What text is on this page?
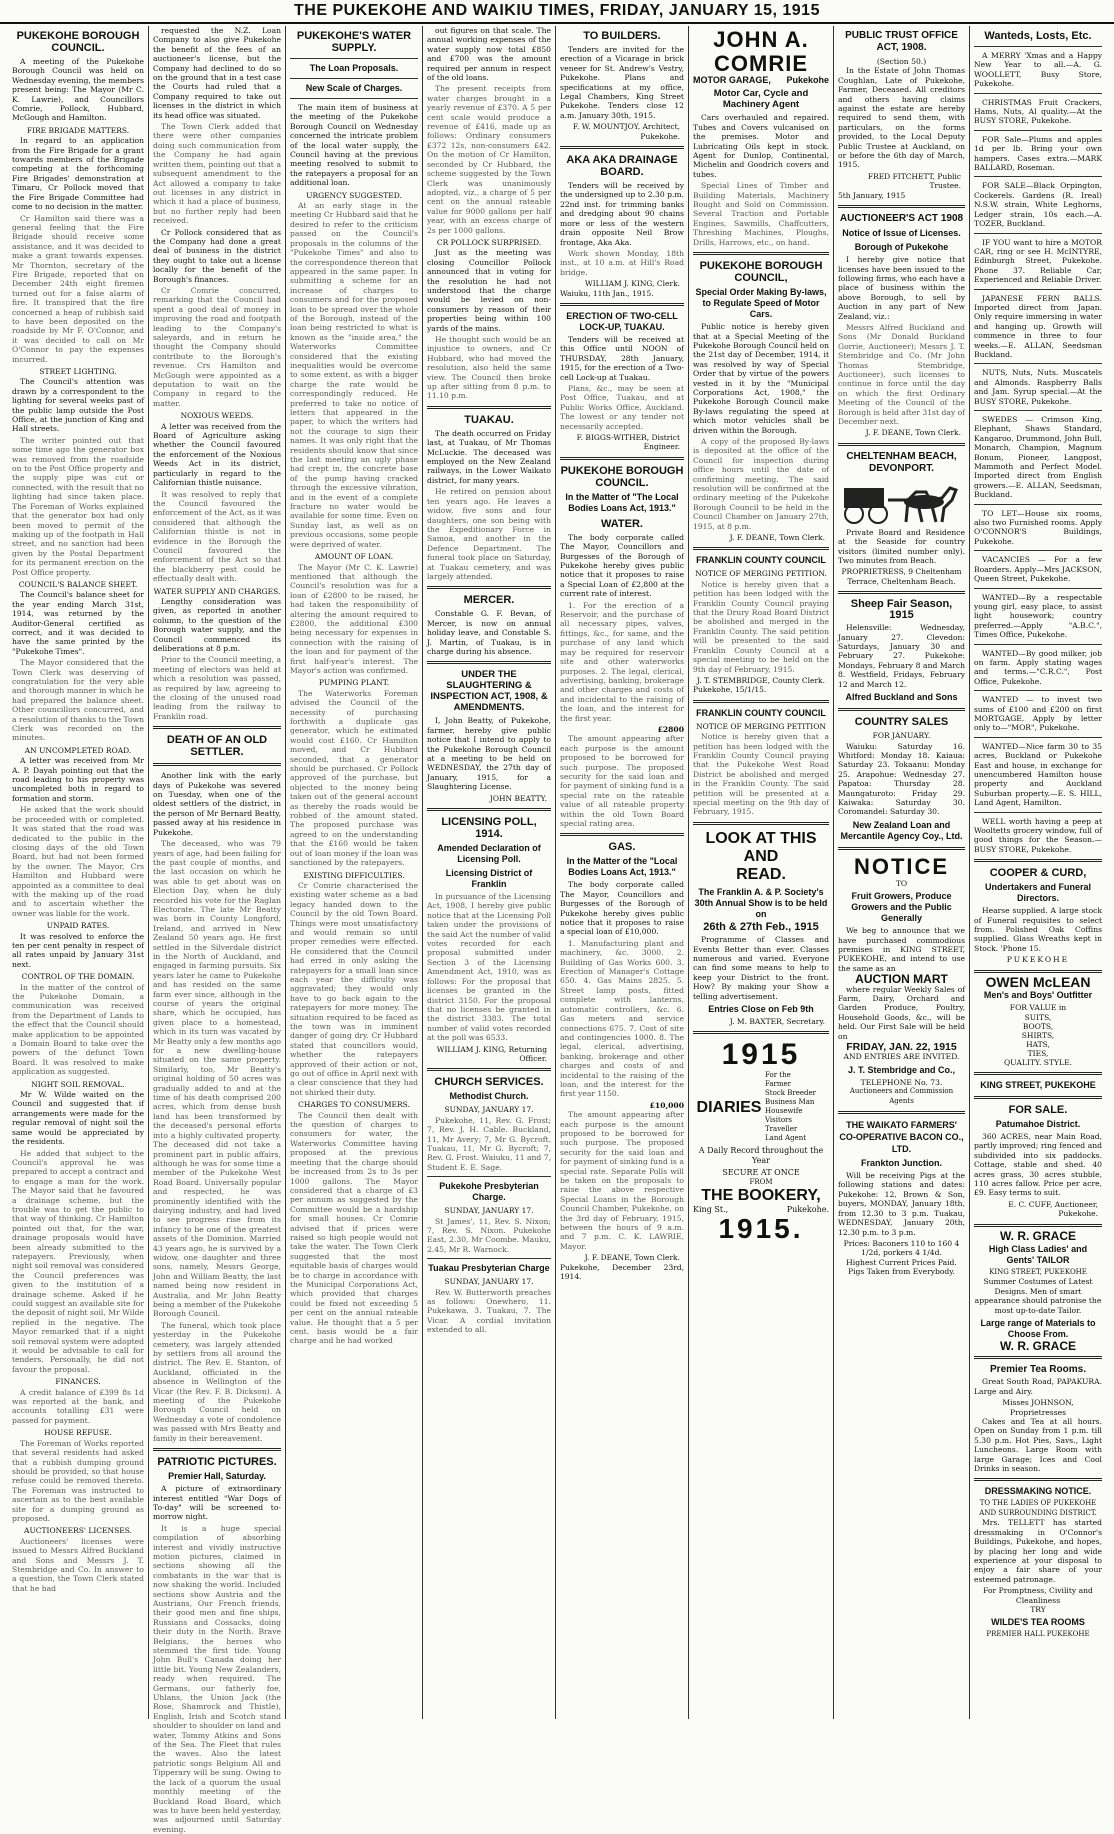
THE PUKEKOHE AND WAIKIU TIMES, FRIDAY, JANUARY 15, 1915
PUKEKOHE BOROUGH COUNCIL.

A meeting of the Pukekohe Borough Council was held on Wednesday evening, the members present being: The Mayor (Mr C. K. Lawrie), and Councillors Comrie, Pollock, Hubbard, McGough and Hamilton.

FIRE BRIGADE MATTERS.

In regard to an application from the Fire Brigade for a grant towards members of the Brigade competing at the forthcoming Fire Brigades' demonstration at Timaru, Cr Pollock moved that the Fire Brigade Committee had come to no decision in the matter.

Cr Hamilton said there was a general feeling that the Fire Brigade should receive some assistance, and it was decided to make a grant towards expenses. Mr Thornton, secretary of the Fire Brigade, reported that on December 24th eight firemen turned out for a false alarm of fire. It transpired that the fire concerned a heap of rubbish said to have been deposited on the roadside by Mr F. O'Connor, and it was decided to call on Mr O'Connor to pay the expenses incurred.

STREET LIGHTING.

The Council's attention was drawn by a correspondent to the lighting for several weeks past of the public lamp outside the Post Office, at the junction of King and Hall streets.

The writer pointed out that some time ago the generator box was removed from the roadside on to the Post Office property and the supply pipe was cut or connected, with the result that no lighting had since taken place. The Foreman of Works explained that the generator box had only been moved to permit of the making up of the footpath in Hall street, and no sanction had been given by the Postal Department for its permanent erection on the Post Office property.

COUNCIL'S BALANCE SHEET.

The Council's balance sheet for the year ending March 31st, 1914, was returned by the Auditor-General certified as correct, and it was decided to have the same printed by the "Pukekohe Times".

The Mayor considered that the Town Clerk was deserving of congratulation for the very able and thorough manner in which he had prepared the balance sheet. Other councillors concurred, and a resolution of thanks to the Town Clerk was recorded on the minutes.

AN UNCOMPLETED ROAD.

A letter was received from Mr A. P. Dayah pointing out that the road leading to his property was uncompleted both in regard to formation and storm.

He asked that the work should be proceeded with or completed. It was stated that the road was dedicated to the public in the closing days of the old Town Board, but had not been formed by the owner. The Mayor, Crs Hamilton and Hubbard were appointed as a committee to deal with the making up of the road and to ascertain whether the owner was liable for the work.

UNPAID RATES.

It was resolved to enforce the ten per cent penalty in respect of all rates unpaid by January 31st next.

CONTROL OF THE DOMAIN.

In the matter of the control of the Pukekohe Domain, a communication was received from the Department of Lands to the effect that the Council should make application to be appointed a Domain Board to take over the powers of the defunct Town Board. It was resolved to make application as suggested.

NIGHT SOIL REMOVAL.

Mr W. Wilde waited on the Council and suggested that if arrangements were made for the regular removal of night soil the same would be appreciated by the residents.

He added that subject to the Council's approval he was prepared to accept a contract and to engage a man for the work. The Mayor said that he favoured a drainage scheme, but the trouble was to get the public to that way of thinking. Cr Hamilton pointed out that, for the war, drainage proposals would have been already submitted to the ratepayers. Previously, when night soil removal was considered the Council preferences was given to the institution of a drainage scheme. Asked if he could suggest an available site for the deposit of night soil, Mr Wilde replied in the negative. The Mayor remarked that if a night soil removal system were adopted it would be advisable to call for tenders. Personally, he did not favour the proposal.

FINANCES.

A credit balance of £399 8s 1d was reported at the bank, and accounts totalling £31 were passed for payment.

HOUSE REFUSE.

The Foreman of Works reported that several residents had asked that a rubbish dumping ground should be provided, so that house refuse could be removed thereto. The Foreman was instructed to ascertain as to the best available site for a dumping ground as proposed.

AUCTIONEERS' LICENSES.

Auctioneers' licenses were issued to Messrs Alfred Buckland and Sons and Messrs J. T. Stembridge and Co. In answer to a question, the Town Clerk stated that he had

requested the N.Z. Loan Company to also give Pukekohe the benefit of the fees of an auctioneer's license, but the Company had declined to do so on the ground that in a test case the Courts had ruled that a Company required to take out licenses in the district in which its head office was situated.

The Town Clerk added that there were other companies doing such communication from the Company he had again written them, pointing out that a subsequent amendment to the Act allowed a company to take out licenses in any district in which it had a place of business, but no further reply had been received.

Cr Pollock considered that as the Company had done a great deal of business in the district they ought to take out a license locally for the benefit of the Borough's finances.

Cr Comrie concurred, remarking that the Council had spent a good deal of money in improving the road and footpath leading to the Company's saleyards, and in return he thought the Company should contribute to the Borough's revenue. Crs Hamilton and McGough were appointed as a deputation to wait on the Company in regard to the matter.

NOXIOUS WEEDS.

A letter was received from the Board of Agriculture asking whether the Council favoured the enforcement of the Noxious Weeds Act in its district, particularly in regard to the Californian thistle nuisance.

It was resolved to reply that the Council favoured the enforcement of the Act, as it was considered that although the Californian thistle is not in evidence in the Borough the Council favoured the enforcement of the Act so that the blackberry pest could be effectually dealt with.

WATER SUPPLY AND CHARGES.

Lengthy consideration was given, as reported in another column, to the question of the Borough water supply, and the Council commenced its deliberations at 8 p.m.

Prior to the Council meeting, a meeting of electors was held at which a resolution was passed, as required by law, agreeing to the closing of the unused road leading from the railway to Franklin road.

DEATH OF AN OLD SETTLER.

Another link with the early days of Pukekohe was severed on Tuesday, when one of the oldest settlers of the district, in the person of Mr Bernard Beatty, passed away at his residence in Pukekohe.

The deceased, who was 79 years of age, had been failing for the past couple of months, and the last occasion on which he was able to get about was on Election Day, when he duly recorded his vote for the Raglan Electorate. The late Mr Beatty was born in County Longford, Ireland, and arrived in New Zealand 50 years ago. He first settled in the Silverdale district in the North of Auckland, and engaged in farming pursuits. Six years later he came to Pukekohe and has resided on the same farm ever since, although in the course of years the original share, which he occupied, has given place to a homestead, which in its turn was vacated by Mr Beatty only a few months ago for a new dwelling-house situated on the same property. Similarly, too, Mr Beatty's original holding of 50 acres was gradually added to and at the time of his death comprised 200 acres, which from dense bush land has been transformed by the deceased's personal efforts into a highly cultivated property. The deceased did not take a prominent part in public affairs, although he was for some time a member of the Pukekohe West Road Board. Universally popular and respected, he was prominently identified with the dairying industry, and had lived to see progress rise from its infancy to be one of the greatest assets of the Dominion. Married 43 years ago, he is survived by a widow, one daughter and three sons, namely, Messrs George, John and William Beatty, the last named being now resident in Australia, and Mr John Beatty being a member of the Pukekohe Borough Council.

The funeral, which took place yesterday in the Pukekohe cemetery, was largely attended by settlers from all around the district. The Rev. E. Stanton, of Auckland, officiated in the absence in Wellington of the Vicar (the Rev. F. B. Dickson). A meeting of the Pukekohe Borough Council held on Wednesday a vote of condolence was passed with Mrs Beatty and family in their bereavement.

PATRIOTIC PICTURES.
Premier Hall, Saturday.

A picture of extraordinary interest entitled "War Dogs of To-day" will be screened to-morrow night.

It is a huge special compilation of absorbing interest and vividly instructive motion pictures, claimed in sections showing all the combatants in the war that is now shaking the world. Included sections show Austria and the Austrians, Our French friends, their good men and fine ships, Russians and Cossacks, doing their duty in the North. Brave Belgians, the heroes who stemmed the first tide. Young John Bull's Canada doing her little bit. Young New Zealanders, ready when required. The Germans, our fatherly foe, Uhlans, the Union Jack (the Rose, Shamrock and Thistle), English, Irish and Scotch stand shoulder to shoulder on land and water, Tommy Atkins and Sons of the Sea. The Fleet that rules the waves. Also the latest patriotic songs Belgium All and Tipperary will be sung. Owing to the lack of a quorum the usual monthly meeting of the Buckland Road Board, which was to have been held yesterday, was adjourned until Saturday evening.

PUKEKOHE'S WATER SUPPLY.
The Loan Proposals.
New Scale of Charges.

The main item of business at the meeting of the Pukekohe Borough Council on Wednesday concerned the intricate problem of the local water supply, the Council having at the previous meeting resolved to submit to the ratepayers a proposal for an additional loan.

URGENCY SUGGESTED.

At an early stage in the meeting Cr Hubbard said that he desired to refer to the criticism passed on the Council's proposals in the columns of the "Pukekohe Times" and also to the correspondence thereon that appeared in the same paper. In submitting a scheme for an increase of charges to consumers and for the proposed loan to be spread over the whole of the Borough, instead of the loan being restricted to what is known as the "inside area," the Waterworks Committee considered that the existing inequalities would be overcome to some extent, as with a bigger charge the rate would be correspondingly reduced. He preferred to take no notice of letters that appeared in the paper, to which the writers had not the courage to sign their names. It was only right that the residents should know that since the last meeting an ugly phase had crept in, the concrete base of the pump having cracked through the excessive vibration, and in the event of a complete fracture no water would be available for some time. Even on Sunday last, as well as on previous occasions, some people were deprived of water.

AMOUNT OF LOAN.

The Mayor (Mr C. K. Lawrie) mentioned that although the Council's resolution was for a loan of £2800 to be raised, he had taken the responsibility of altering the amount required to £2800, the additional £300 being necessary for expenses in connection with the raising of the loan and for payment of the first half-year's interest. The Mayor's action was confirmed.

PUMPING PLANT.

The Waterworks Foreman advised the Council of the necessity of purchasing forthwith a duplicate gas generator, which he estimated would cost £160. Cr Hamilton moved, and Cr Hubbard seconded, that a generator should be purchased. Cr Pollock approved of the purchase, but objected to the money being taken out of the general account as thereby the roads would be robbed of the amount stated. The proposed purchase was agreed to on the understanding that the £160 would be taken out of loan money if the loan was sanctioned by the ratepayers.

EXISTING DIFFICULTIES.

Cr Comrie characterised the existing water scheme as a bad legacy handed down to the Council by the old Town Board. Things were most unsatisfactory and would remain so until proper remedies were effected. He considered that the Council had erred in only asking the ratepayers for a small loan since each year the difficulty was aggravated; they would only have to go back again to the ratepayers for more money. The situation required to be faced as the town was in imminent danger of going dry. Cr Hubbard stated that councillors would, whether the ratepayers approved of their action or not, go out of office in April next with a clear conscience that they had not shirked their duty.

CHARGES TO CONSUMERS.

The Council then dealt with the question of charges to consumers for water, the Waterworks Committee having proposed at the previous meeting that the charge should be increased from 2s to 3s per 1000 gallons. The Mayor considered that a charge of £3 per annum as suggested by the Committee would be a hardship for small houses. Cr Comrie advised that if prices were raised so high people would not take the water. The Town Clerk suggested that the most equitable basis of charges would be to charge in accordance with the Municipal Corporations Act, which provided that charges could be fixed not exceeding 5 per cent on the annual rateable value. He thought that a 5 per cent. basis would be a fair charge and he had worked

out figures on that scale. The annual working expenses of the water supply now total £850 and £700 was the amount required per annum in respect of the old loans.

The present receipts from water charges brought in a yearly revenue of £370. A 5 per cent scale would produce a revenue of £416, made up as follows: Ordinary consumers £372 12s, non-consumers £42. On the motion of Cr Hamilton, seconded by Cr Hubbard, the scheme suggested by the Town Clerk was unanimously adopted, viz., a charge of 5 per cent on the annual rateable value for 9000 gallons per half year, with an excess charge of 2s per 1000 gallons.

CR POLLOCK SURPRISED.

Just as the meeting was closing Councillor Pollock announced that in voting for the resolution he had not understood that the charge would be levied on non-consumers by reason of their properties being within 100 yards of the mains.

He thought such would be an injustice to owners, and Cr Hubbard, who had moved the resolution, also held the same view. The Council then broke up after sitting from 8 p.m. to 11.10 p.m.

TUAKAU.

The death occurred on Friday last, at Tuakau, of Mr Thomas McLuckie. The deceased was employed on the New Zealand railways, in the Lower Waikato district, for many years.

He retired on pension about ten years ago. He leaves a widow, five sons and four daughters, one son being with the Expeditionary Force in Samoa, and another in the Defence Department. The funeral took place on Saturday, at Tuakau cemetery, and was largely attended.

MERCER.

Constable G. F. Bevan, of Mercer, is now on annual holiday leave, and Constable S. J. Martin, of Tuakau, is in charge during his absence.

UNDER THE SLAUGHTERING & INSPECTION ACT, 1908, & AMENDMENTS.

I, John Beatty, of Pukekohe, farmer, hereby give public notice that I intend to apply to the Pukekohe Borough Council at a meeting to be held on WEDNESDAY, the 27th day of January, 1915, for a Slaughtering License.

JOHN BEATTY.
LICENSING POLL, 1914.
Amended Declaration of Licensing Poll.
Licensing District of Franklin

In pursuance of the Licensing Act, 1908, I hereby give public notice that at the Licensing Poll taken under the provisions of the said Act the number of valid votes recorded for each proposal submitted under Section 3 of the Licensing Amendment Act, 1910, was as follows: For the proposal that licenses be granted in the district 3150. For the proposal that no licenses be granted in the district 3383. The total number of valid votes recorded at the poll was 6533.

WILLIAM J. KING, Returning Officer.
CHURCH SERVICES.
Methodist Church.
SUNDAY, JANUARY 17.

Pukekohe, 11, Rev. G. Frost; 7, Rev. J. H. Cable. Buckland, 11, Mr Avery; 7, Mr G. Bycroft. Tuakau, 11, Mr G. Bycroft; 7, Rev. G. Frost. Waiuku, 11 and 7, Student E. E. Sage.

Pukekohe Presbyterian Charge.
SUNDAY, JANUARY 17.

St James', 11, Rev. S. Nixon; 7, Rev. S. Nixon. Pukekohe East, 2.30, Mr Coombe. Mauku, 2.45, Mr R. Warnock.

Tuakau Presbyterian Charge
SUNDAY, JANUARY 17.

Rev. W. Butterworth preaches as follows: Onewhero, 11. Pukekawa, 3. Tuakau, 7. The Vicar. A cordial invitation extended to all.

TO BUILDERS.

Tenders are invited for the erection of a Vicarage in brick veneer for St. Andrew's Vestry, Pukekohe. Plans and specifications at my office, Legal Chambers, King Street Pukekohe. Tenders close 12 a.m. January 30th, 1915.

F. W. MOUNTJOY, Architect, Pukekohe.
AKA AKA DRAINAGE BOARD.

Tenders will be received by the undersigned up to 2.30 p.m. 22nd inst. for trimming banks and dredging about 90 chains more or less of the western drain opposite Neil Brow frontage, Aka Aka.

Work shown Monday, 18th inst., at 10 a.m. at Hill's Road bridge.

WILLIAM J. KING, Clerk.
Waiuku, 11th Jan., 1915.
ERECTION OF TWO-CELL LOCK-UP, TUAKAU.

Tenders will be received at this Office until NOON of THURSDAY, 28th January, 1915, for the erection of a Two-cell Lock-up at Tuakau.

Plans, &c., may be seen at Post Office, Tuakau, and at Public Works Office, Auckland. The lowest or any tender not necessarily accepted.

F. BIGGS-WITHER, District Engineer.
PUKEKOHE BOROUGH COUNCIL.
In the Matter of "The Local Bodies Loans Act, 1913."
WATER.

The body corporate called The Mayor, Councillors and Burgesses of the Borough of Pukekohe hereby gives public notice that it proposes to raise a Special Loan of £2,800 at the current rate of interest.

1. For the erection of a Reservoir, and the purchase of all necessary pipes, valves, fittings, &c., for same, and the purchase of any land which may be required for reservoir site and other waterworks purposes. 2. The legal, clerical, advertising, banking, brokerage and other charges and costs of and incidental to the raising of the loan, and the interest for the first year.

£2800

The amount appearing after each purpose is the amount proposed to be borrowed for such purpose. The proposed security for the said loan and for payment of sinking fund is a special rate on the rateable value of all rateable property within the old Town Board special rating area.

GAS.
In the Matter of the "Local Bodies Loans Act, 1913."

The body corporate called The Mayor, Councillors and Burgesses of the Borough of Pukekohe hereby gives public notice that it proposes to raise a special loan of £10,000.

1. Manufacturing plant and machinery, &c. 3000. 2. Building of Gas Works 600. 3. Erection of Manager's Cottage 650. 4. Gas Mains 2825. 5. Street lamp posts, fitted complete with lanterns, automatic controllers, &c. 6. Gas meters and service connections 675. 7. Cost of site and contingencies 1000. 8. The legal, clerical, advertising, banking, brokerage and other charges and costs of and incidental to the raising of the loan, and the interest for the first year 1150.

£10,000

The amount appearing after each purpose is the amount proposed to be borrowed for such purpose. The proposed security for the said loan and for payment of sinking fund is a special rate. Separate Polls will be taken on the proposals to raise the above respective Special Loans in the Borough Council Chamber, Pukekohe, on the 3rd day of February, 1915, between the hours of 9 a.m. and 7 p.m. C. K. LAWRIE, Mayor.

J. F. DEANE, Town Clerk.
Pukekohe, December 23rd, 1914.
JOHN A. COMRIE
MOTOR GARAGE, Pukekohe
Motor Car, Cycle and Machinery Agent

Cars overhauled and repaired. Tubes and Covers vulcanised on the premises. Motor and Lubricating Oils kept in stock. Agent for Dunlop, Continental, Michelin and Goodrich covers and tubes.

Special Lines of Timber and Building Materials, Machinery Bought and Sold on Commission. Several Traction and Portable Engines, Sawmills, Chaffcutters, Threshing Machines, Ploughs, Drills, Harrows, etc., on hand.

PUKEKOHE BOROUGH COUNCIL,
Special Order Making By-laws, to Regulate Speed of Motor Cars.

Public notice is hereby given that at a Special Meeting of the Pukekohe Borough Council held on the 21st day of December, 1914, it was resolved by way of Special Order that by virtue of the powers vested in it by the "Municipal Corporations Act, 1908," the Pukekohe Borough Council make By-laws regulating the speed at which motor vehicles shall be driven within the Borough.

A copy of the proposed By-laws is deposited at the office of the Council for inspection during office hours until the date of confirming meeting. The said resolution will be confirmed at the ordinary meeting of the Pukekohe Borough Council to be held in the Council Chamber on January 27th, 1915, at 8 p.m.

J. F. DEANE, Town Clerk.
FRANKLIN COUNTY COUNCIL
NOTICE OF MERGING PETITION.

Notice is hereby given that a petition has been lodged with the Franklin County Council praying that the Drury Road Board District be abolished and merged in the Franklin County. The said petition will be presented to the said Franklin County Council at a special meeting to be held on the 9th day of February, 1915.

J. T. STEMBRIDGE, County Clerk.
Pukekohe, 15/1/15.
FRANKLIN COUNTY COUNCIL
NOTICE OF MERGING PETITION

Notice is hereby given that a petition has been lodged with the Franklin County Council praying that the Pukekohe West Road District be abolished and merged in the Franklin County. The said petition will be presented at a special meeting on the 9th day of February, 1915.

LOOK AT THIS AND
READ.
The Franklin A. & P. Society's 30th Annual Show is to be held on
26th & 27th Feb., 1915

Programme of Classes and Events Better than ever. Classes numerous and varied. Everyone can find some means to help to keep your District to the front. How? By making your Show a telling advertisement.

Entries Close on Feb 9th
J. M. BAXTER, Secretary.
1915
DIARIES
For the
Farmer
Stock Breeder
Business Man
Housewife
Visitors
Traveller
Land Agent
A Daily Record throughout the Year
SECURE AT ONCE
FROM
THE BOOKERY,
King St.,	Pukekohe.
1915.
PUBLIC TRUST OFFICE ACT, 1908.
(Section 50.)

In the Estate of John Thomas Coughlan, Late of Pukekohe, Farmer, Deceased. All creditors and others having claims against the estate are hereby required to send them, with particulars, on the forms provided, to the Local Deputy Public Trustee at Auckland, on or before the 6th day of March, 1915.

FRED FITCHETT, Public Trustee.
5th January, 1915
AUCTIONEER'S ACT 1908
Notice of Issue of Licenses.
Borough of Pukekohe

I hereby give notice that licenses have been issued to the following firms, who each have a place of business within the above Borough, to sell by Auction in any part of New Zealand, viz.:

Messrs Alfred Buckland and Sons (Mr Donald Buckland Gorrie, Auctioneer); Messrs J. T. Stembridge and Co. (Mr John Thomas Stembridge, Auctioneer), such licenses to continue in force until the day on which the first Ordinary Meeting of the Council of the Borough is held after 31st day of December next.

J. F. DEANE, Town Clerk.
CHELTENHAM BEACH, DEVONPORT.

Private Board and Residence at the Seaside for country visitors (limited number only). Two minutes from Beach.

PROPRIETRESS, 9 Cheltenham Terrace, Cheltenham Beach.
Sheep Fair Season, 1915

Helensville: Wednesday, January 27. Clevedon: Saturdays, January 30 and February 27. Pukekohe: Mondays, February 8 and March 8. Westfield, Fridays, February 12 and March 12.

Alfred Buckland and Sons
COUNTRY SALES
FOR JANUARY.

Waiuku: Saturday 16. Whitford: Monday 18. Kaiaua: Saturday 23. Tokaanu: Monday 25. Arapohue: Wednesday 27. Papatoa: Thursday 28. Maungaturoto: Friday 29. Kaiwaka: Saturday 30. Coromandel: Saturday 30.

New Zealand Loan and Mercantile Agency Coy., Ltd.
NOTICE
TO
Fruit Growers, Produce Growers and the Public Generally

We beg to announce that we have purchased commodious premises in KING STREET, PUKEKOHE, and intend to use the same as an

AUCTION MART

where regular Weekly Sales of Farm, Dairy, Orchard and Garden Produce, Poultry, Household Goods, &c., will be held. Our First Sale will be held on

FRIDAY, JAN. 22, 1915
AND ENTRIES ARE INVITED.
J. T. Stembridge and Co.,
TELEPHONE No. 73.
Auctioneers and Commission Agents
THE WAIKATO FARMERS' CO-OPERATIVE BACON CO., LTD.
Frankton Junction.

Will be receiving Pigs at the following stations and dates: Pukekohe: 12, Brown & Son, buyers, MONDAY, January 18th, from 12.30 to 3 p.m. Tuakau, WEDNESDAY, January 20th, 12.30 p.m. to 3 p.m.

Prices: Baconers 110 to 160 4 1/2d, porkers 4 1/4d.
Highest Current Prices Paid.
Pigs Taken from Everybody.
Wanteds, Losts, Etc.

A MERRY 'Xmas and a Happy New Year to all.—A. G. WOOLLETT, Busy Store, Pukekohe.

CHRISTMAS Fruit Crackers, Hams, Nuts, Al quality.—At the BUSY STORE, Pukekohe.

FOR Sale—Plums and apples 1d per lb. Bring your own hampers. Cases extra.—MARK BALLARD, Roseman.

FOR SALE—Black Orpington, Cockerels. Gardens (R. Ireal) N.S.W. strain, White Leghorns, Ledger strain, 10s each.—A. TOZER, Buckland.

IF YOU want to hire a MOTOR CAR, ring or see H. McINTYRE, Edinburgh Street, Pukekohe. Phone 37. Reliable Car, Experienced and Reliable Driver.

JAPANESE FERN BALLS. Imported direct from Japan. Only require immersing in water and hanging up. Growth will commence in three to four weeks.—E. ALLAN, Seedsman Buckland.

NUTS, Nuts, Nuts. Muscatels and Almonds. Raspberry Balls and Jam. Syrup special.—At the BUSY STORE, Pukekohe.

SWEDES — Crimson King, Elephant, Shaws Standard, Kangaroo, Drummond, John Bull, Monarch, Champion, Magnum Bonum, Pioneer, Langpost, Mammoth and Perfect Model. Imported direct from English growers.—E. ALLAN, Seedsman, Buckland.

TO LET—House six rooms, also two Furnished rooms. Apply O'CONNOR'S Buildings, Pukekohe.

VACANCIES — For a few Boarders. Apply—Mrs JACKSON, Queen Street, Pukekohe.

WANTED—By a respectable young girl, easy place, to assist light housework; country preferred.—Apply "A.B.C.", Times Office, Pukekohe.

WANTED—By good milker, job on farm. Apply stating wages and terms.—"C.R.C.", Post Office, Pukekohe.

WANTED — to invest two sums of £100 and £200 on first MORTGAGE. Apply by letter only to—"MOR", Pukekohe.

WANTED—Nice farm 30 to 35 acres, Buckland or Pukekohe East and house, in exchange for unencumbered Hamilton house property and Auckland Suburban property.—E. S. HILL, Land Agent, Hamilton.

WELL worth having a peep at Wooltetts grocery window, full of good things for the Season.—BUSY STORE, Pukekohe.

COOPER & CURD,
Undertakers and Funeral Directors.

Hearse supplied. A large stock of Funeral requisites to select from. Polished Oak Coffins supplied. Glass Wreaths kept in Stock. 'Phone 15.

PUKEKOHE
OWEN McLEAN
Men's and Boys' Outfitter
FOR VALUE in
SUITS,
BOOTS,
SHIRTS,
HATS,
TIES,
QUALITY. STYLE.
KING STREET, PUKEKOHE
FOR SALE.
Patumahoe District.

360 ACRES, near Main Road, partly improved; ring fenced and subdivided into six paddocks. Cottage, stable and shed. 40 acres grass, 30 acres stubble, 110 acres fallow. Price per acre, £9. Easy terms to suit.

E. C. CUFF, Auctioneer, Pukekohe.
W. R. GRACE
High Class Ladies' and Gents' TAILOR
KING STREET, PUKEKOHE

Summer Costumes of Latest Designs. Men of smart appearance should patronise the most up-to-date Tailor.

Large range of Materials to Choose From.
W. R. GRACE
Premier Tea Rooms.

Great South Road, PAPAKURA. Large and Airy.

Misses JOHNSON, Proprietresses

Cakes and Tea at all hours. Open on Sunday from 1 p.m. till 5.30 p.m. Hot Pies, Savs., Light Luncheons. Large Room with large Garage; Ices and Cool Drinks in season.

DRESSMAKING NOTICE.
TO THE LADIES OF PUKEKOHE AND SURROUNDING DISTRICT.

Mrs. TELLETT has started dressmaking in O'Connor's Buildings, Pukekohe, and hopes, by placing her long and wide experience at your disposal to enjoy a fair share of your esteemed patronage.

For Promptness, Civility and Cleanliness
TRY
WILDE'S TEA ROOMS
PREMIER HALL PUKEKOHE
